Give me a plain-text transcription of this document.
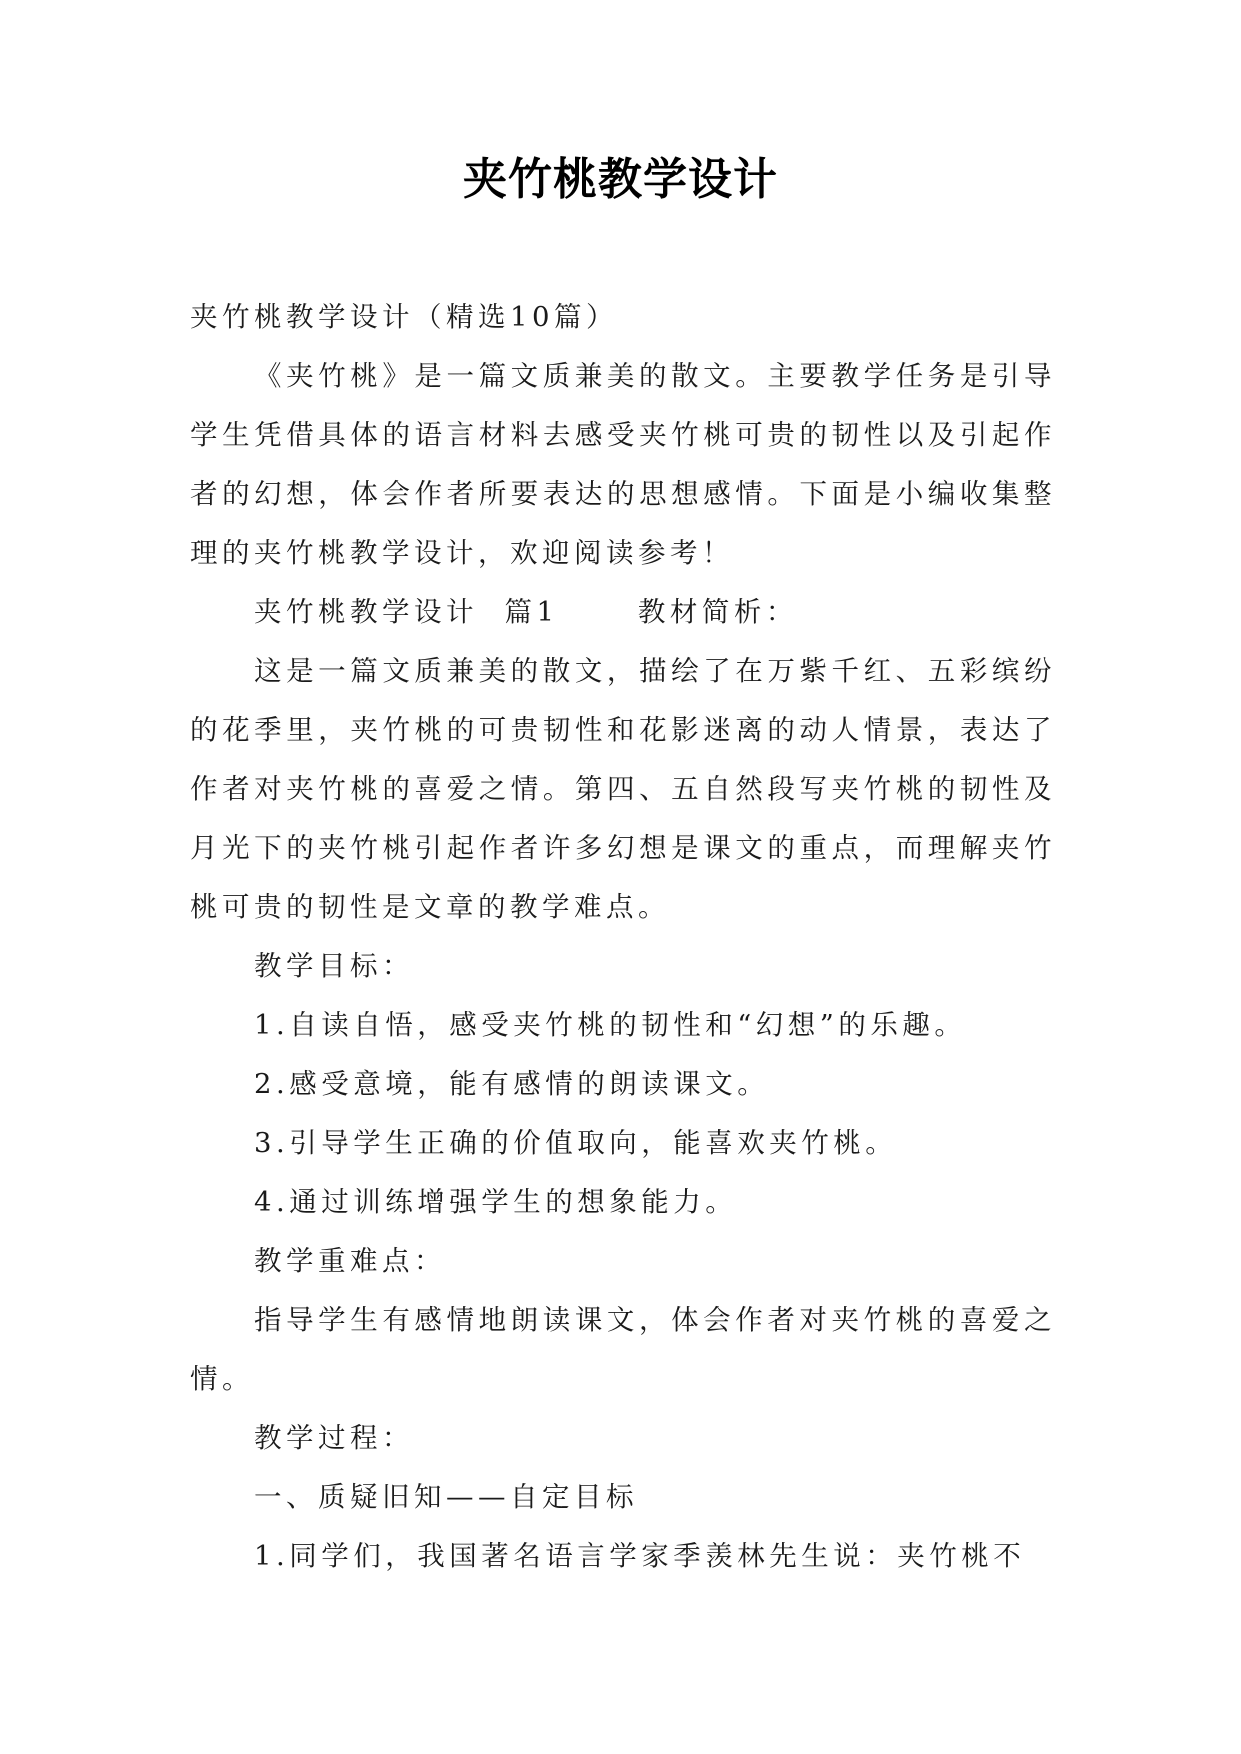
夹竹桃教学设计

夹竹桃教学设计（精选10篇）

《夹竹桃》是一篇文质兼美的散文。主要教学任务是引导学生凭借具体的语言材料去感受夹竹桃可贵的韧性以及引起作者的幻想，体会作者所要表达的思想感情。下面是小编收集整理的夹竹桃教学设计，欢迎阅读参考！

夹竹桃教学设计  篇1      教材简析：

这是一篇文质兼美的散文，描绘了在万紫千红、五彩缤纷的花季里，夹竹桃的可贵韧性和花影迷离的动人情景，表达了作者对夹竹桃的喜爱之情。第四、五自然段写夹竹桃的韧性及月光下的夹竹桃引起作者许多幻想是课文的重点，而理解夹竹桃可贵的韧性是文章的教学难点。

教学目标：

1.自读自悟，感受夹竹桃的韧性和“幻想”的乐趣。

2.感受意境，能有感情的朗读课文。

3.引导学生正确的价值取向，能喜欢夹竹桃。

4.通过训练增强学生的想象能力。

教学重难点：

指导学生有感情地朗读课文，体会作者对夹竹桃的喜爱之情。

教学过程：

一、质疑旧知——自定目标

1.同学们，我国著名语言学家季羡林先生说：夹竹桃不
